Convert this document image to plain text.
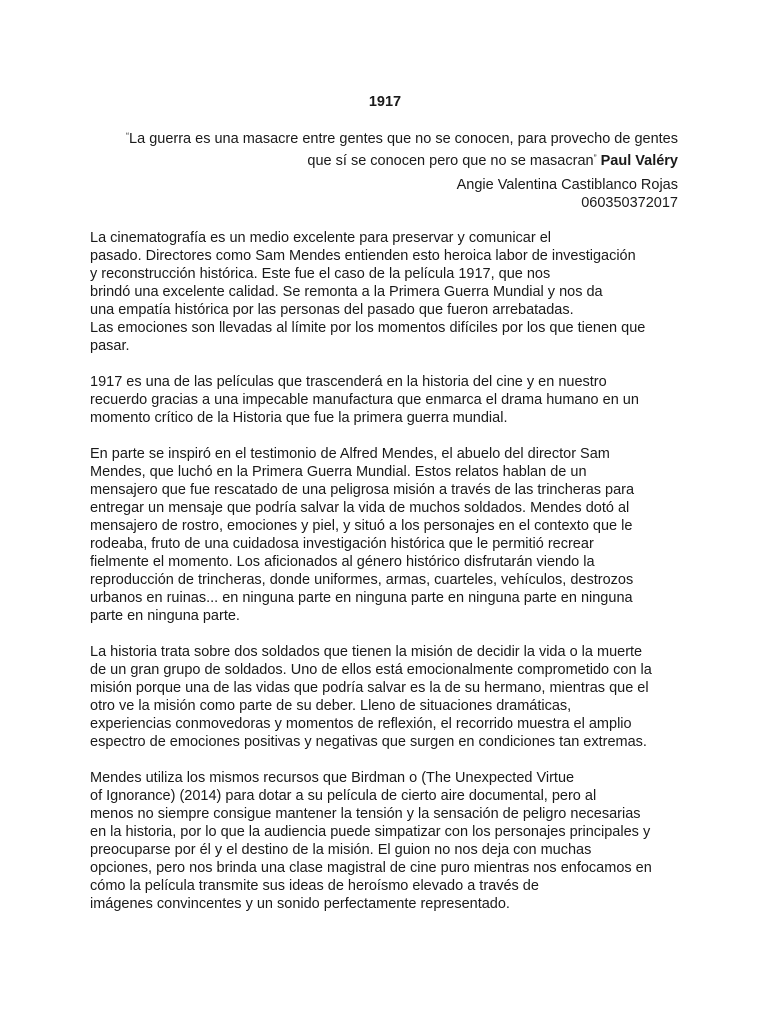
1917
“La guerra es una masacre entre gentes que no se conocen, para provecho de gentes
que sí se conocen pero que no se masacran” Paul Valéry
Angie Valentina Castiblanco Rojas
060350372017

La cinematografía es un medio excelente para preservar y comunicar el
pasado. Directores como Sam Mendes entienden esto heroica labor de investigación
y reconstrucción histórica. Este fue el caso de la película 1917, que nos
brindó una excelente calidad. Se remonta a la Primera Guerra Mundial y nos da
una empatía histórica por las personas del pasado que fueron arrebatadas.
Las emociones son llevadas al límite por los momentos difíciles por los que tienen que
pasar.

1917 es una de las películas que trascenderá en la historia del cine y en nuestro
recuerdo gracias a una impecable manufactura que enmarca el drama humano en un
momento crítico de la Historia que fue la primera guerra mundial.

En parte se inspiró en el testimonio de Alfred Mendes, el abuelo del director Sam
Mendes, que luchó en la Primera Guerra Mundial. Estos relatos hablan de un
mensajero que fue rescatado de una peligrosa misión a través de las trincheras para
entregar un mensaje que podría salvar la vida de muchos soldados. Mendes dotó al
mensajero de rostro, emociones y piel, y situó a los personajes en el contexto que le
rodeaba, fruto de una cuidadosa investigación histórica que le permitió recrear
fielmente el momento. Los aficionados al género histórico disfrutarán viendo la
reproducción de trincheras, donde uniformes, armas, cuarteles, vehículos, destrozos
urbanos en ruinas... en ninguna parte en ninguna parte en ninguna parte en ninguna
parte en ninguna parte.

La historia trata sobre dos soldados que tienen la misión de decidir la vida o la muerte
de un gran grupo de soldados. Uno de ellos está emocionalmente comprometido con la
misión porque una de las vidas que podría salvar es la de su hermano, mientras que el
otro ve la misión como parte de su deber. Lleno de situaciones dramáticas,
experiencias conmovedoras y momentos de reflexión, el recorrido muestra el amplio
espectro de emociones positivas y negativas que surgen en condiciones tan extremas.

Mendes utiliza los mismos recursos que Birdman o (The Unexpected Virtue
of Ignorance) (2014) para dotar a su película de cierto aire documental, pero al
menos no siempre consigue mantener la tensión y la sensación de peligro necesarias
en la historia, por lo que la audiencia puede simpatizar con los personajes principales y
preocuparse por él y el destino de la misión. El guion no nos deja con muchas
opciones, pero nos brinda una clase magistral de cine puro mientras nos enfocamos en
cómo la película transmite sus ideas de heroísmo elevado a través de
imágenes convincentes y un sonido perfectamente representado.
